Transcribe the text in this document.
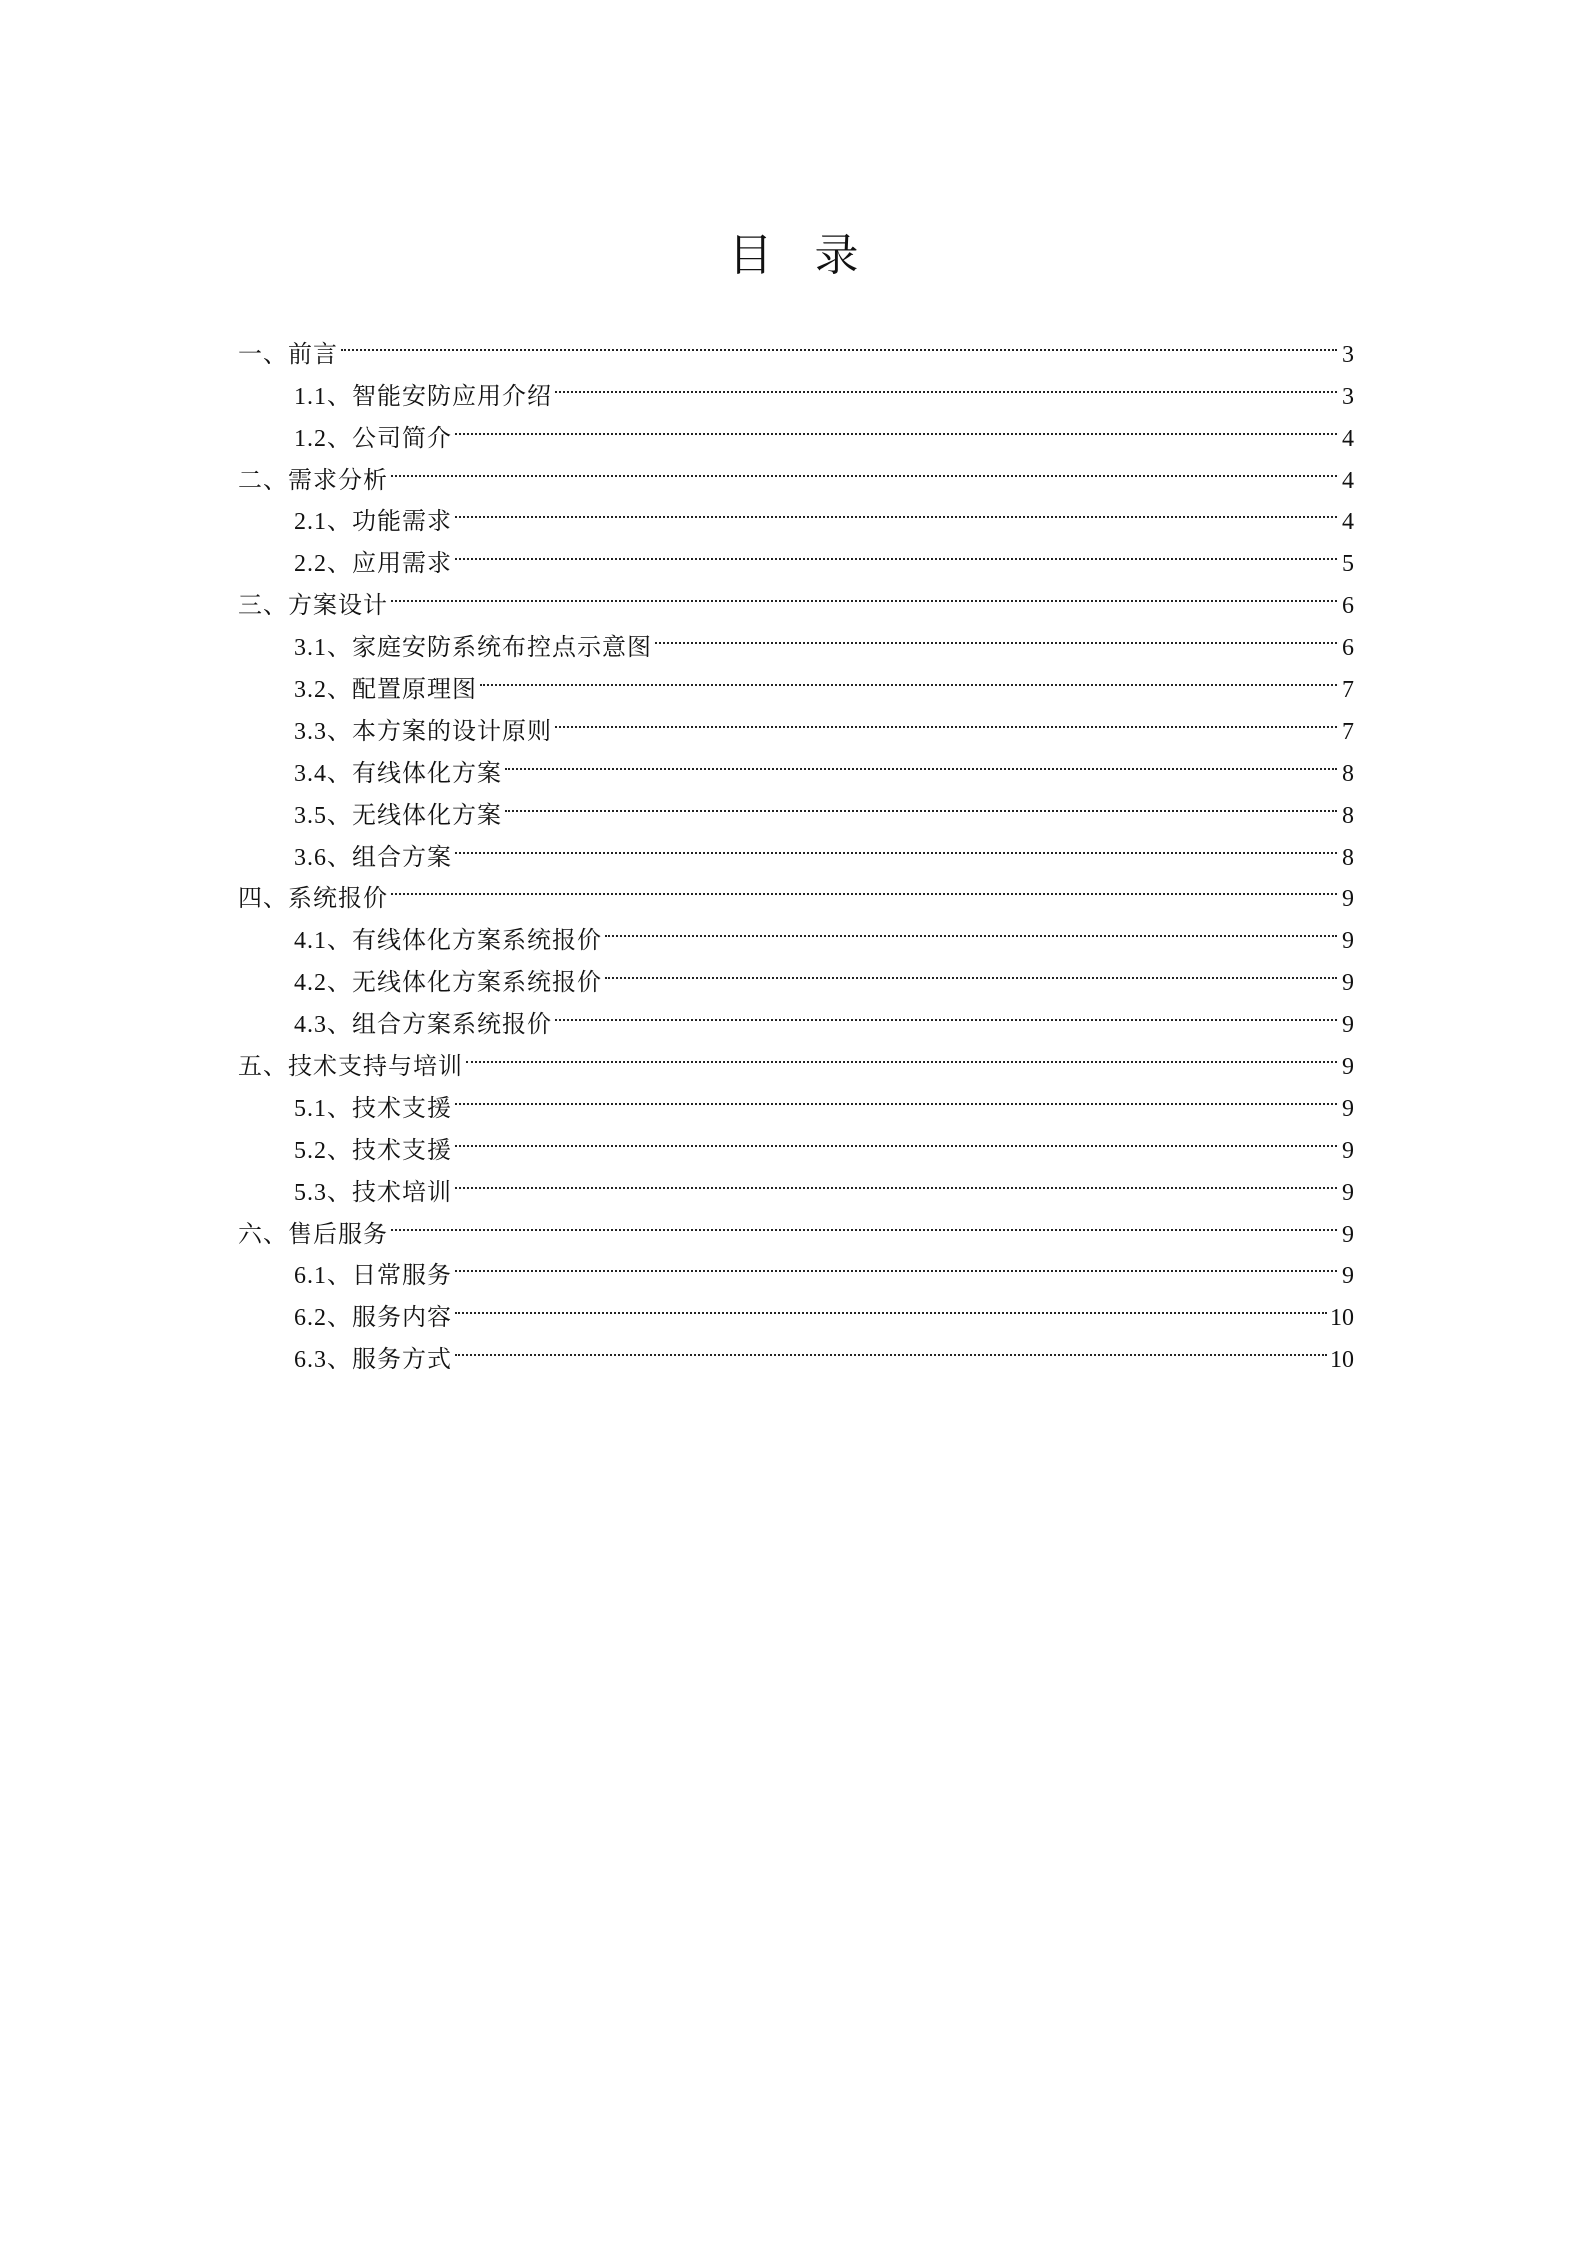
目录
一、前言	3
1.1、智能安防应用介绍	3
1.2、公司简介	4
二、需求分析	4
2.1、功能需求	4
2.2、应用需求	5
三、方案设计	6
3.1、家庭安防系统布控点示意图	6
3.2、配置原理图	7
3.3、本方案的设计原则	7
3.4、有线体化方案	8
3.5、无线体化方案	8
3.6、组合方案	8
四、系统报价	9
4.1、有线体化方案系统报价	9
4.2、无线体化方案系统报价	9
4.3、组合方案系统报价	9
五、技术支持与培训	9
5.1、技术支援	9
5.2、技术支援	9
5.3、技术培训	9
六、售后服务	9
6.1、日常服务	9
6.2、服务内容	10
6.3、服务方式	10
